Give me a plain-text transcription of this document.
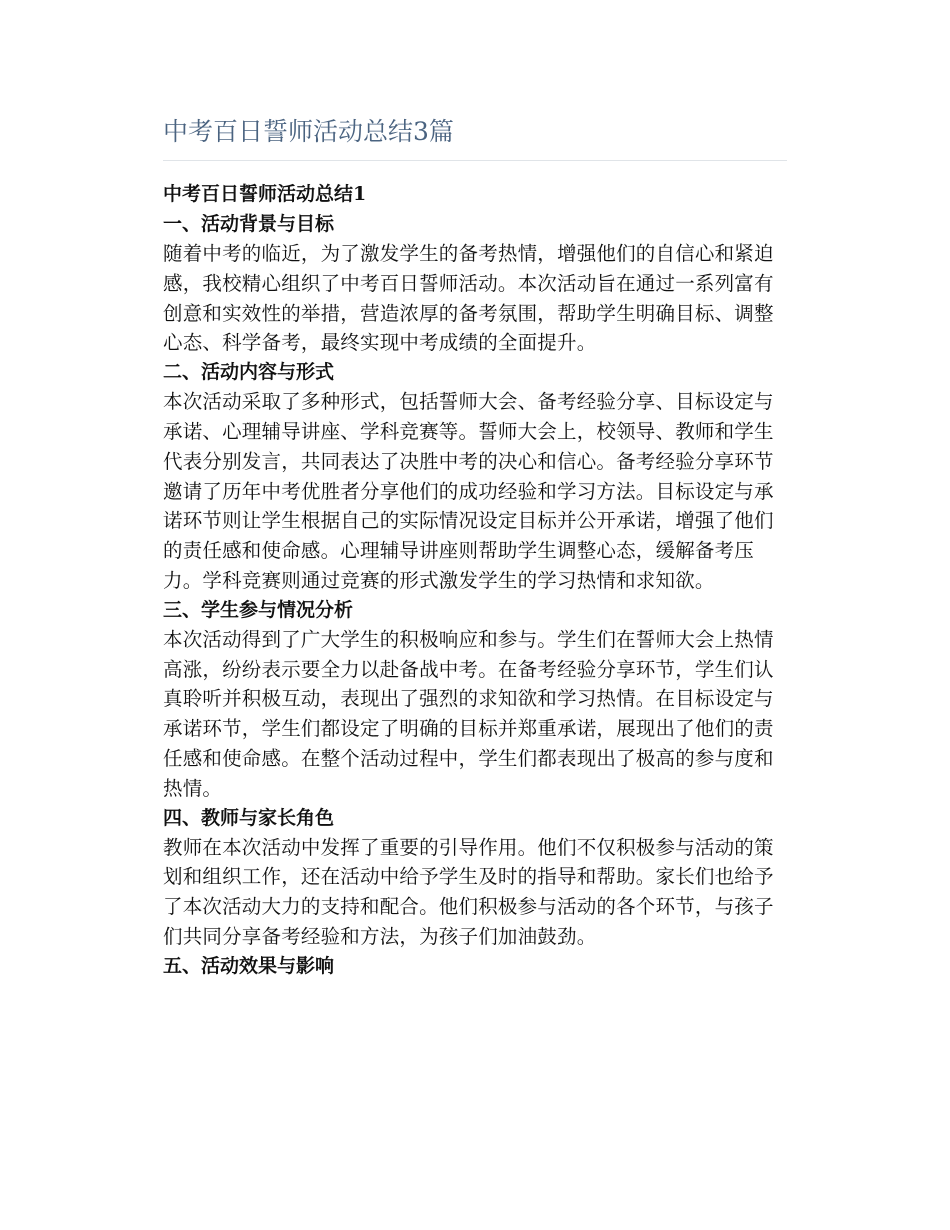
中考百日誓师活动总结3篇

中考百日誓师活动总结1

一、活动背景与目标

随着中考的临近，为了激发学生的备考热情，增强他们的自信心和紧迫感，我校精心组织了中考百日誓师活动。本次活动旨在通过一系列富有创意和实效性的举措，营造浓厚的备考氛围，帮助学生明确目标、调整心态、科学备考，最终实现中考成绩的全面提升。

二、活动内容与形式

本次活动采取了多种形式，包括誓师大会、备考经验分享、目标设定与承诺、心理辅导讲座、学科竞赛等。誓师大会上，校领导、教师和学生代表分别发言，共同表达了决胜中考的决心和信心。备考经验分享环节邀请了历年中考优胜者分享他们的成功经验和学习方法。目标设定与承诺环节则让学生根据自己的实际情况设定目标并公开承诺，增强了他们的责任感和使命感。心理辅导讲座则帮助学生调整心态，缓解备考压力。学科竞赛则通过竞赛的形式激发学生的学习热情和求知欲。

三、学生参与情况分析

本次活动得到了广大学生的积极响应和参与。学生们在誓师大会上热情高涨，纷纷表示要全力以赴备战中考。在备考经验分享环节，学生们认真聆听并积极互动，表现出了强烈的求知欲和学习热情。在目标设定与承诺环节，学生们都设定了明确的目标并郑重承诺，展现出了他们的责任感和使命感。在整个活动过程中，学生们都表现出了极高的参与度和热情。

四、教师与家长角色

教师在本次活动中发挥了重要的引导作用。他们不仅积极参与活动的策划和组织工作，还在活动中给予学生及时的指导和帮助。家长们也给予了本次活动大力的支持和配合。他们积极参与活动的各个环节，与孩子们共同分享备考经验和方法，为孩子们加油鼓劲。

五、活动效果与影响
